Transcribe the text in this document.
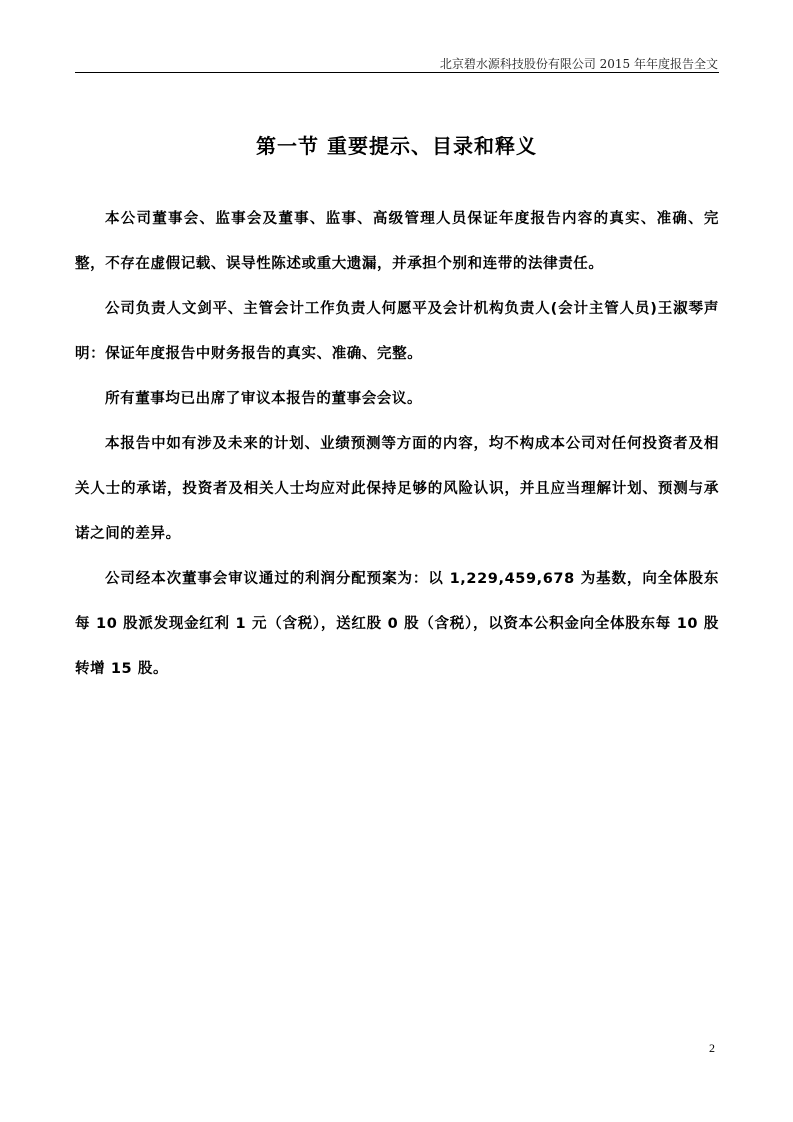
北京碧水源科技股份有限公司 2015 年年度报告全文
第一节 重要提示、目录和释义

本公司董事会、监事会及董事、监事、高级管理人员保证年度报告内容的真实、准确、完整，不存在虚假记载、误导性陈述或重大遗漏，并承担个别和连带的法律责任。

公司负责人文剑平、主管会计工作负责人何愿平及会计机构负责人(会计主管人员)王淑琴声明：保证年度报告中财务报告的真实、准确、完整。

所有董事均已出席了审议本报告的董事会会议。

本报告中如有涉及未来的计划、业绩预测等方面的内容，均不构成本公司对任何投资者及相关人士的承诺，投资者及相关人士均应对此保持足够的风险认识，并且应当理解计划、预测与承诺之间的差异。

公司经本次董事会审议通过的利润分配预案为：以 1,229,459,678 为基数，向全体股东每 10 股派发现金红利 1 元（含税），送红股 0 股（含税），以资本公积金向全体股东每 10 股转增 15 股。

2
